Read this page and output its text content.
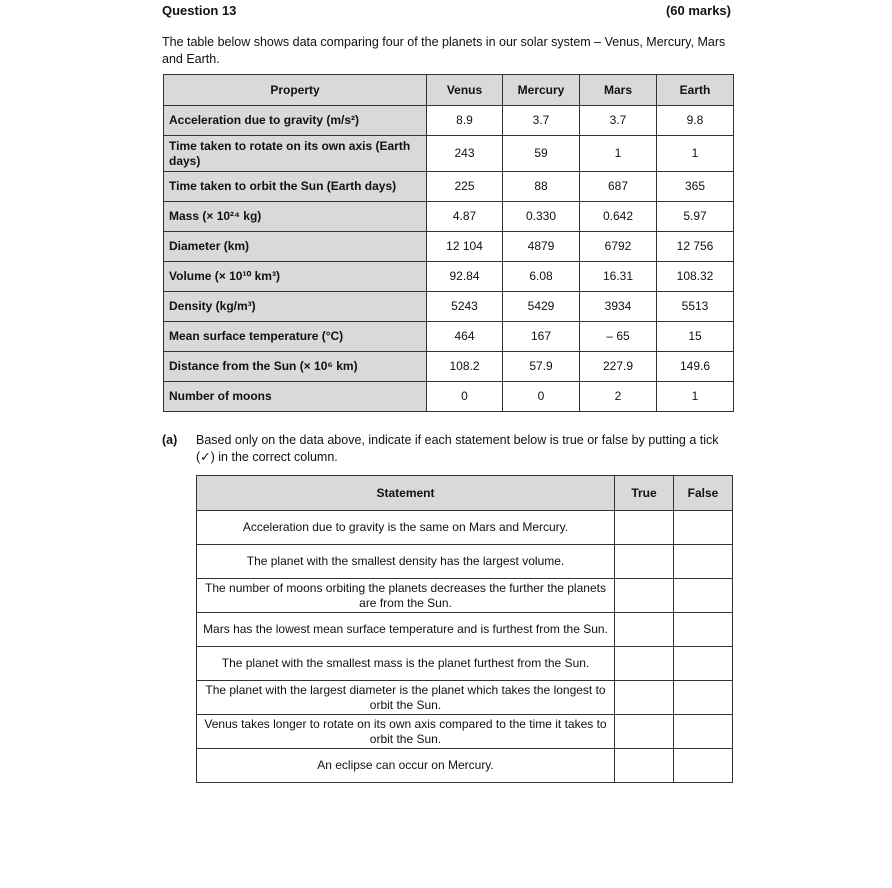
Question 13	(60 marks)
The table below shows data comparing four of the planets in our solar system – Venus, Mercury, Mars and Earth.
Property	Venus	Mercury	Mars	Earth
Acceleration due to gravity (m/s²)	8.9	3.7	3.7	9.8
Time taken to rotate on its own axis (Earth days)	243	59	1	1
Time taken to orbit the Sun (Earth days)	225	88	687	365
Mass (× 10²⁴ kg)	4.87	0.330	0.642	5.97
Diameter (km)	12 104	4879	6792	12 756
Volume (× 10¹⁰ km³)	92.84	6.08	16.31	108.32
Density (kg/m³)	5243	5429	3934	5513
Mean surface temperature (°C)	464	167	– 65	15
Distance from the Sun (× 10⁶ km)	108.2	57.9	227.9	149.6
Number of moons	0	0	2	1
(a) Based only on the data above, indicate if each statement below is true or false by putting a tick (✓) in the correct column.
Statement	True	False
Acceleration due to gravity is the same on Mars and Mercury.		
The planet with the smallest density has the largest volume.		
The number of moons orbiting the planets decreases the further the planets are from the Sun.		
Mars has the lowest mean surface temperature and is furthest from the Sun.		
The planet with the smallest mass is the planet furthest from the Sun.		
The planet with the largest diameter is the planet which takes the longest to orbit the Sun.		
Venus takes longer to rotate on its own axis compared to the time it takes to orbit the Sun.		
An eclipse can occur on Mercury.		
